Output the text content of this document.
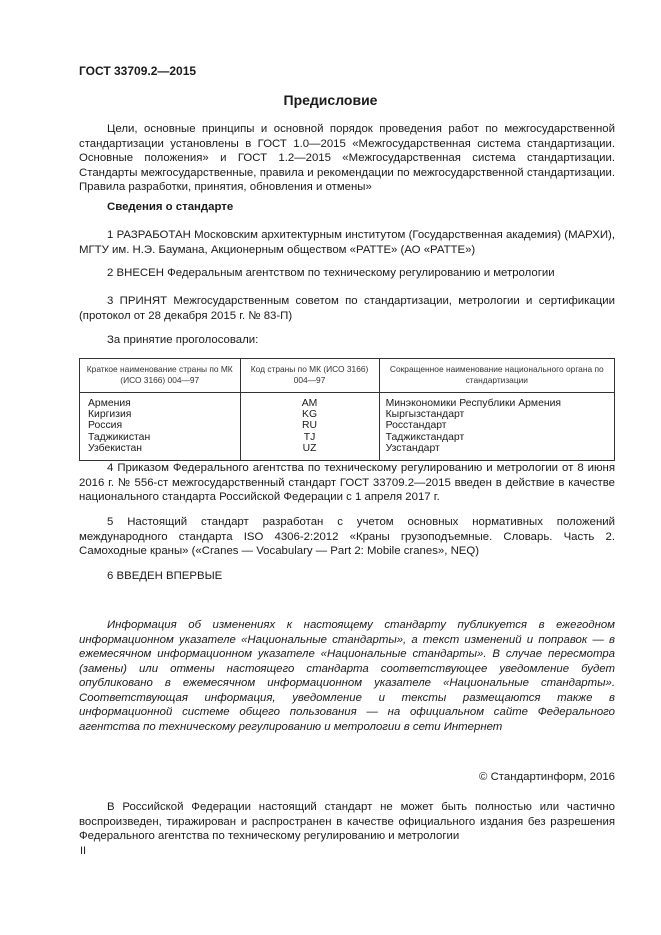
ГОСТ 33709.2—2015
Предисловие

Цели, основные принципы и основной порядок проведения работ по межгосударственной стандартизации установлены в ГОСТ 1.0—2015 «Межгосударственная система стандартизации. Основные положения» и ГОСТ 1.2—2015 «Межгосударственная система стандартизации. Стандарты межгосударственные, правила и рекомендации по межгосударственной стандартизации. Правила разработки, принятия, обновления и отмены»

Сведения о стандарте

1 РАЗРАБОТАН Московским архитектурным институтом (Государственная академия) (МАРХИ), МГТУ им. Н.Э. Баумана, Акционерным обществом «РАТТЕ» (АО «РАТТЕ»)

2 ВНЕСЕН Федеральным агентством по техническому регулированию и метрологии

3 ПРИНЯТ Межгосударственным советом по стандартизации, метрологии и сертификации (протокол от 28 декабря 2015 г. № 83-П)

За принятие проголосовали:

Краткое наименование страны по МК (ИСО 3166) 004—97	Код страны по МК (ИСО 3166) 004—97	Сокращенное наименование национального органа по стандартизации
Армения	AM	Минэкономики Республики Армения
Киргизия	KG	Кыргызстандарт
Россия	RU	Росстандарт
Таджикистан	TJ	Таджикстандарт
Узбекистан	UZ	Узстандарт

4 Приказом Федерального агентства по техническому регулированию и метрологии от 8 июня 2016 г. № 556-ст межгосударственный стандарт ГОСТ 33709.2—2015 введен в действие в качестве национального стандарта Российской Федерации с 1 апреля 2017 г.

5 Настоящий стандарт разработан с учетом основных нормативных положений международного стандарта ISO 4306-2:2012 «Краны грузоподъемные. Словарь. Часть 2. Самоходные краны» («Cranes — Vocabulary — Part 2: Mobile cranes», NEQ)

6 ВВЕДЕН ВПЕРВЫЕ

Информация об изменениях к настоящему стандарту публикуется в ежегодном информационном указателе «Национальные стандарты», а текст изменений и поправок — в ежемесячном информационном указателе «Национальные стандарты». В случае пересмотра (замены) или отмены настоящего стандарта соответствующее уведомление будет опубликовано в ежемесячном информационном указателе «Национальные стандарты». Соответствующая информация, уведомление и тексты размещаются также в информационной системе общего пользования — на официальном сайте Федерального агентства по техническому регулированию и метрологии в сети Интернет

© Стандартинформ, 2016

В Российской Федерации настоящий стандарт не может быть полностью или частично воспроизведен, тиражирован и распространен в качестве официального издания без разрешения Федерального агентства по техническому регулированию и метрологии

II
